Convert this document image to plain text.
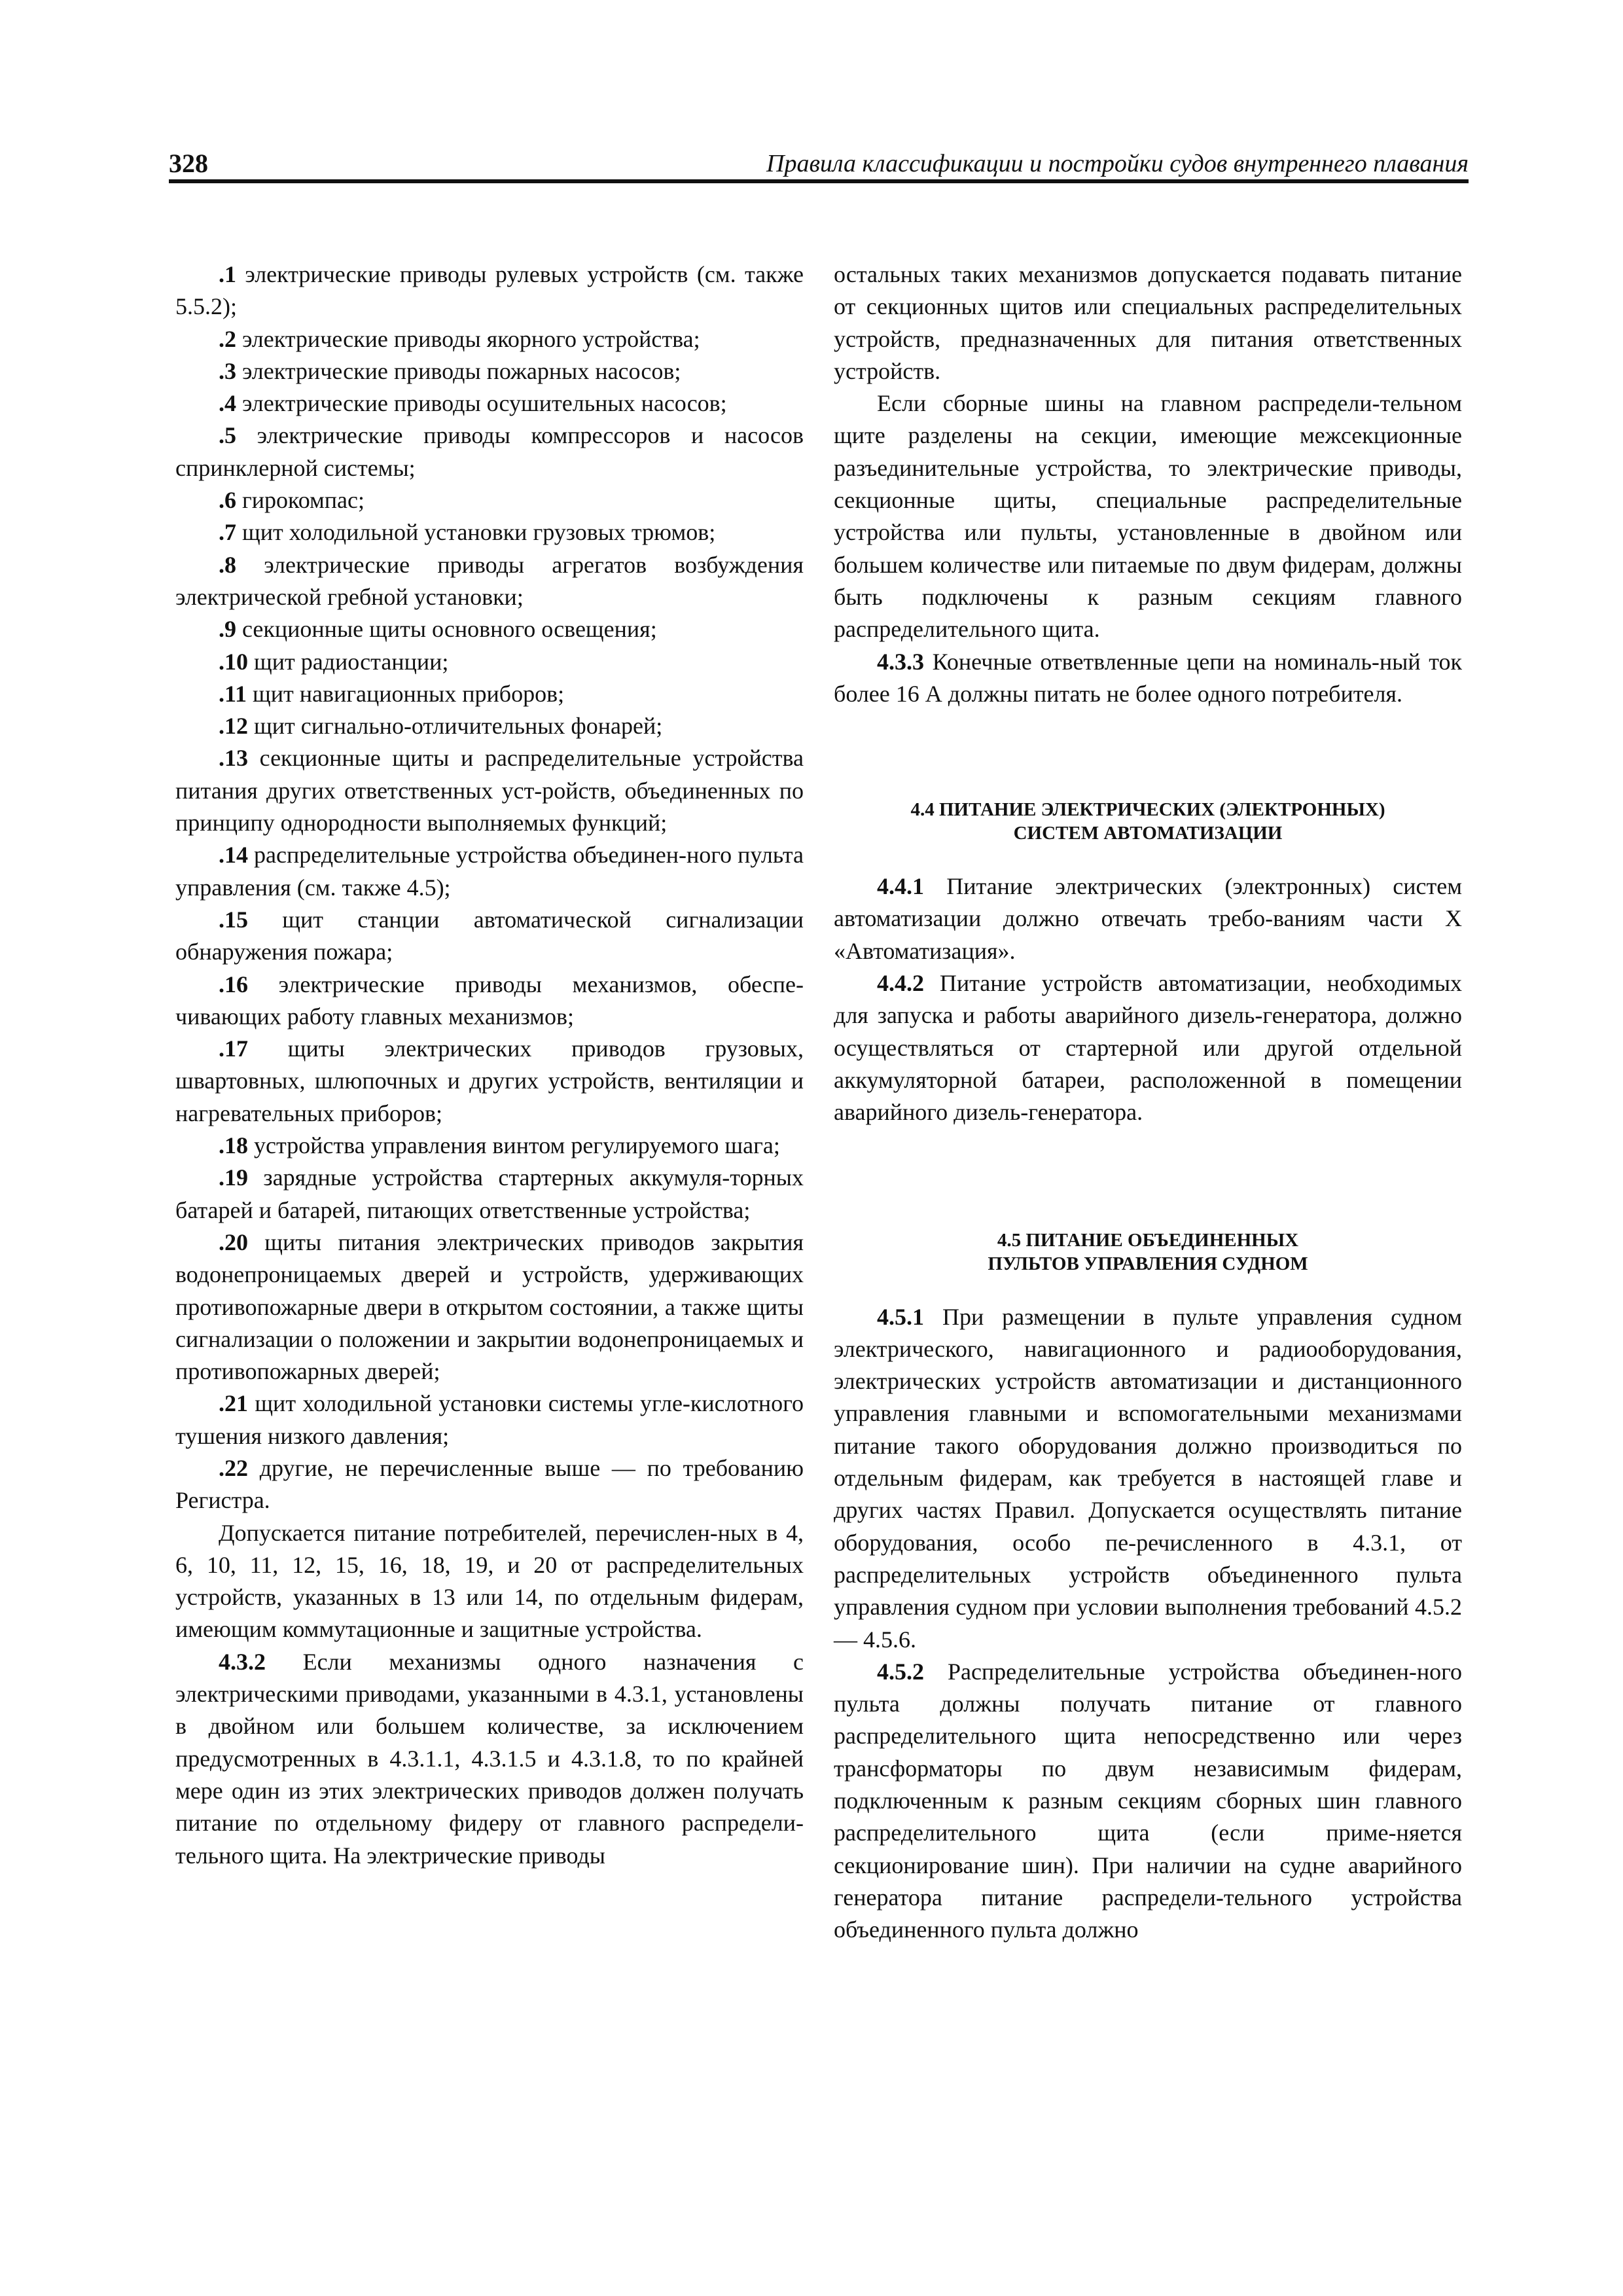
328	Правила классификации и постройки судов внутреннего плавания

.1 электрические приводы рулевых устройств (см. также 5.5.2);

.2 электрические приводы якорного устройства;

.3 электрические приводы пожарных насосов;

.4 электрические приводы осушительных насосов;

.5 электрические приводы компрессоров и насосов спринклерной системы;

.6 гирокомпас;

.7 щит холодильной установки грузовых трюмов;

.8 электрические приводы агрегатов возбуждения электрической гребной установки;

.9 секционные щиты основного освещения;

.10 щит радиостанции;

.11 щит навигационных приборов;

.12 щит сигнально-отличительных фонарей;

.13 секционные щиты и распределительные устройства питания других ответственных уст-ройств, объединенных по принципу однородности выполняемых функций;

.14 распределительные устройства объединен-ного пульта управления (см. также 4.5);

.15 щит станции автоматической сигнализации обнаружения пожара;

.16 электрические приводы механизмов, обеспе-чивающих работу главных механизмов;

.17 щиты электрических приводов грузовых, швартовных, шлюпочных и других устройств, вентиляции и нагревательных приборов;

.18 устройства управления винтом регулируемого шага;

.19 зарядные устройства стартерных аккумуля-торных батарей и батарей, питающих ответственные устройства;

.20 щиты питания электрических приводов закрытия водонепроницаемых дверей и устройств, удерживающих противопожарные двери в открытом состоянии, а также щиты сигнализации о положении и закрытии водонепроницаемых и противопожарных дверей;

.21 щит холодильной установки системы угле-кислотного тушения низкого давления;

.22 другие, не перечисленные выше — по требованию Регистра.

Допускается питание потребителей, перечислен-ных в 4, 6, 10, 11, 12, 15, 16, 18, 19, и 20 от распределительных устройств, указанных в 13 или 14, по отдельным фидерам, имеющим коммутационные и защитные устройства.

4.3.2 Если механизмы одного назначения с электрическими приводами, указанными в 4.3.1, установлены в двойном или большем количестве, за исключением предусмотренных в 4.3.1.1, 4.3.1.5 и 4.3.1.8, то по крайней мере один из этих электрических приводов должен получать питание по отдельному фидеру от главного распредели-тельного щита. На электрические приводы

остальных таких механизмов допускается подавать питание от секционных щитов или специальных распределительных устройств, предназначенных для питания ответственных устройств.

Если сборные шины на главном распредели-тельном щите разделены на секции, имеющие межсекционные разъединительные устройства, то электрические приводы, секционные щиты, специальные распределительные устройства или пульты, установленные в двойном или большем количестве или питаемые по двум фидерам, должны быть подключены к разным секциям главного распределительного щита.

4.3.3 Конечные ответвленные цепи на номиналь-ный ток более 16 А должны питать не более одного потребителя.

4.4 ПИТАНИЕ ЭЛЕКТРИЧЕСКИХ (ЭЛЕКТРОННЫХ)
СИСТЕМ АВТОМАТИЗАЦИИ

4.4.1 Питание электрических (электронных) систем автоматизации должно отвечать требо-ваниям части X «Автоматизация».

4.4.2 Питание устройств автоматизации, необходимых для запуска и работы аварийного дизель-генератора, должно осуществляться от стартерной или другой отдельной аккумуляторной батареи, расположенной в помещении аварийного дизель-генератора.

4.5 ПИТАНИЕ ОБЪЕДИНЕННЫХ
ПУЛЬТОВ УПРАВЛЕНИЯ СУДНОМ

4.5.1 При размещении в пульте управления судном электрического, навигационного и радиооборудования, электрических устройств автоматизации и дистанционного управления главными и вспомогательными механизмами питание такого оборудования должно производиться по отдельным фидерам, как требуется в настоящей главе и других частях Правил. Допускается осуществлять питание оборудования, особо пе-речисленного в 4.3.1, от распределительных устройств объединенного пульта управления судном при условии выполнения требований 4.5.2 — 4.5.6.

4.5.2 Распределительные устройства объединен-ного пульта должны получать питание от главного распределительного щита непосредственно или через трансформаторы по двум независимым фидерам, подключенным к разным секциям сборных шин главного распределительного щита (если приме-няется секционирование шин). При наличии на судне аварийного генератора питание распредели-тельного устройства объединенного пульта должно
